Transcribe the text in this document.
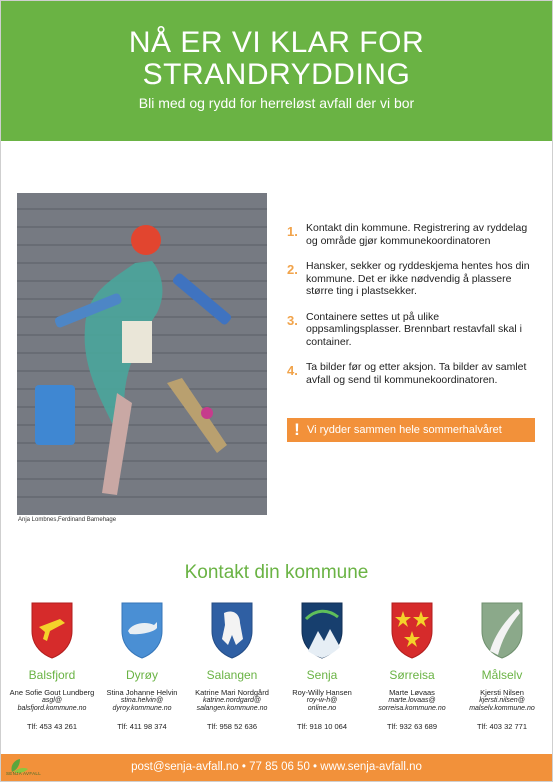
NÅ ER VI KLAR FOR
STRANDRYDDING
Bli med og rydd for herreløst avfall der vi bor
Anja Lombnes,Ferdinand Barnehage
1. Kontakt din kommune. Registrering av ryddelag og område gjør kommunekoordinatoren
2. Hansker, sekker og ryddeskjema hentes hos din kommune. Det er ikke nødvendig å plassere større ting i plastsekker.
3. Containere settes ut på ulike oppsamlingsplasser. Brennbart restavfall skal i container.
4. Ta bilder før og etter aksjon. Ta bilder av samlet avfall og send til kommunekoordinatoren.
! Vi rydder sammen hele sommerhalvåret
Kontakt din kommune
Balsfjord
Ane Sofie Gout Lundberg
asgl@
balsfjord.kommune.no
Tlf: 453 43 261
Dyrøy
Stina Johanne Helvin
stina.helvin@
dyroy.kommune.no
Tlf: 411 98 374
Salangen
Katrine Mari Nordgård
katrine.nordgard@
salangen.kommune.no
Tlf: 958 52 636
Senja
Roy-Willy Hansen
roy-w-h@
online.no
Tlf: 918 10 064
Sørreisa
Marte Løvaas
marte.lovaas@
sorreisa.kommune.no
Tlf: 932 63 689
Målselv
Kjersti Nilsen
kjersti.nilsen@
malselv.kommune.no
Tlf: 403 32 771
SENJA AVFALL
post@senja-avfall.no • 77 85 06 50 • www.senja-avfall.no
